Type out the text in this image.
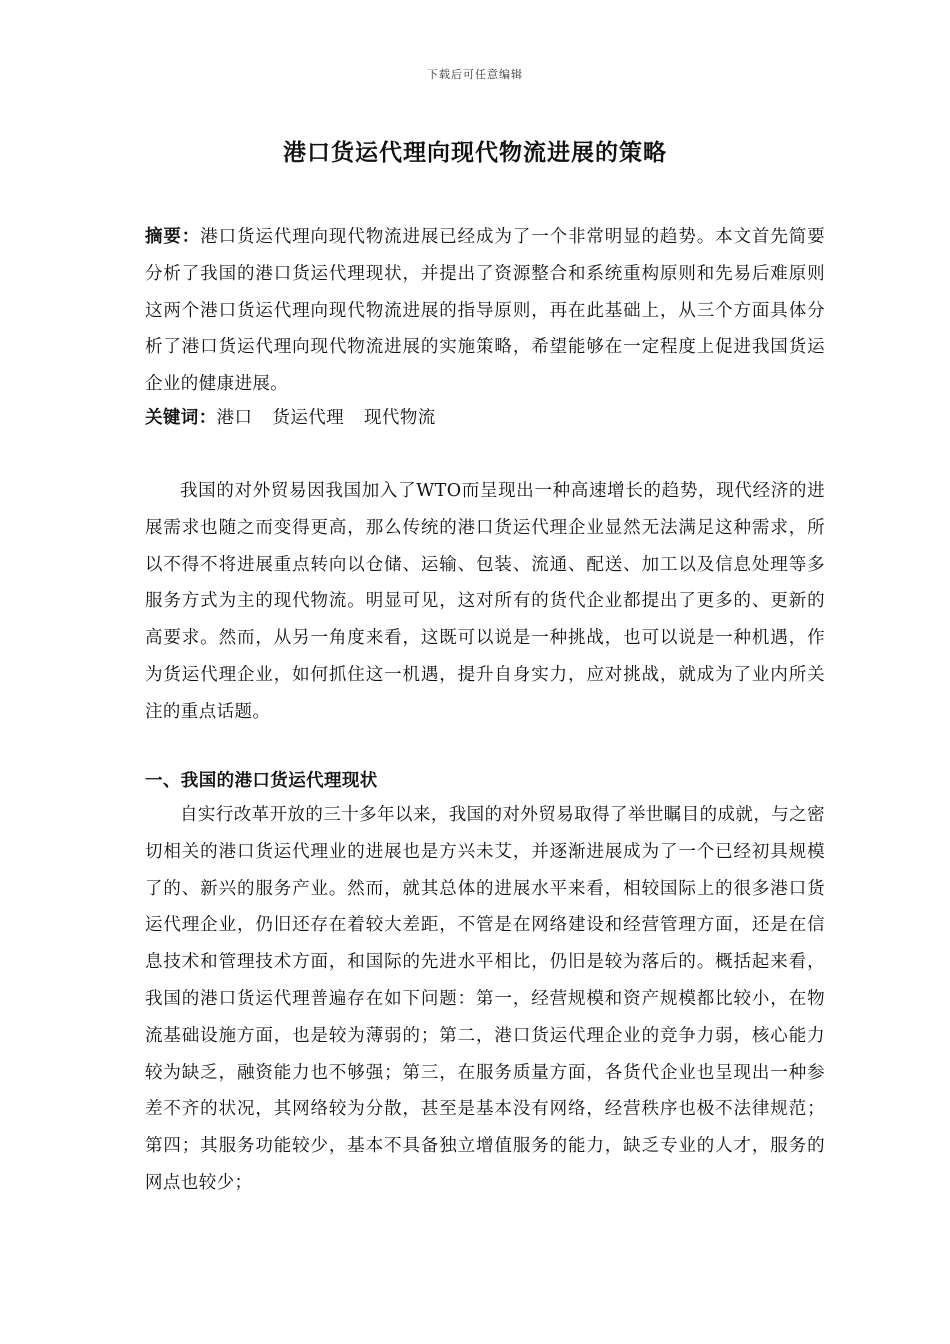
下载后可任意编辑
港口货运代理向现代物流进展的策略
摘要：港口货运代理向现代物流进展已经成为了一个非常明显的趋势。本文首先简要分析了我国的港口货运代理现状，并提出了资源整合和系统重构原则和先易后难原则这两个港口货运代理向现代物流进展的指导原则，再在此基础上，从三个方面具体分析了港口货运代理向现代物流进展的实施策略，希望能够在一定程度上促进我国货运企业的健康进展。
关键词：港口 货运代理 现代物流
我国的对外贸易因我国加入了WTO而呈现出一种高速增长的趋势，现代经济的进展需求也随之而变得更高，那么传统的港口货运代理企业显然无法满足这种需求，所以不得不将进展重点转向以仓储、运输、包装、流通、配送、加工以及信息处理等多服务方式为主的现代物流。明显可见，这对所有的货代企业都提出了更多的、更新的高要求。然而，从另一角度来看，这既可以说是一种挑战，也可以说是一种机遇，作为货运代理企业，如何抓住这一机遇，提升自身实力，应对挑战，就成为了业内所关注的重点话题。
一、我国的港口货运代理现状
自实行改革开放的三十多年以来，我国的对外贸易取得了举世瞩目的成就，与之密切相关的港口货运代理业的进展也是方兴未艾，并逐渐进展成为了一个已经初具规模了的、新兴的服务产业。然而，就其总体的进展水平来看，相较国际上的很多港口货运代理企业，仍旧还存在着较大差距，不管是在网络建设和经营管理方面，还是在信息技术和管理技术方面，和国际的先进水平相比，仍旧是较为落后的。概括起来看，我国的港口货运代理普遍存在如下问题：第一，经营规模和资产规模都比较小，在物流基础设施方面，也是较为薄弱的；第二，港口货运代理企业的竞争力弱，核心能力较为缺乏，融资能力也不够强；第三，在服务质量方面，各货代企业也呈现出一种参差不齐的状况，其网络较为分散，甚至是基本没有网络，经营秩序也极不法律规范；第四；其服务功能较少，基本不具备独立增值服务的能力，缺乏专业的人才，服务的网点也较少；
